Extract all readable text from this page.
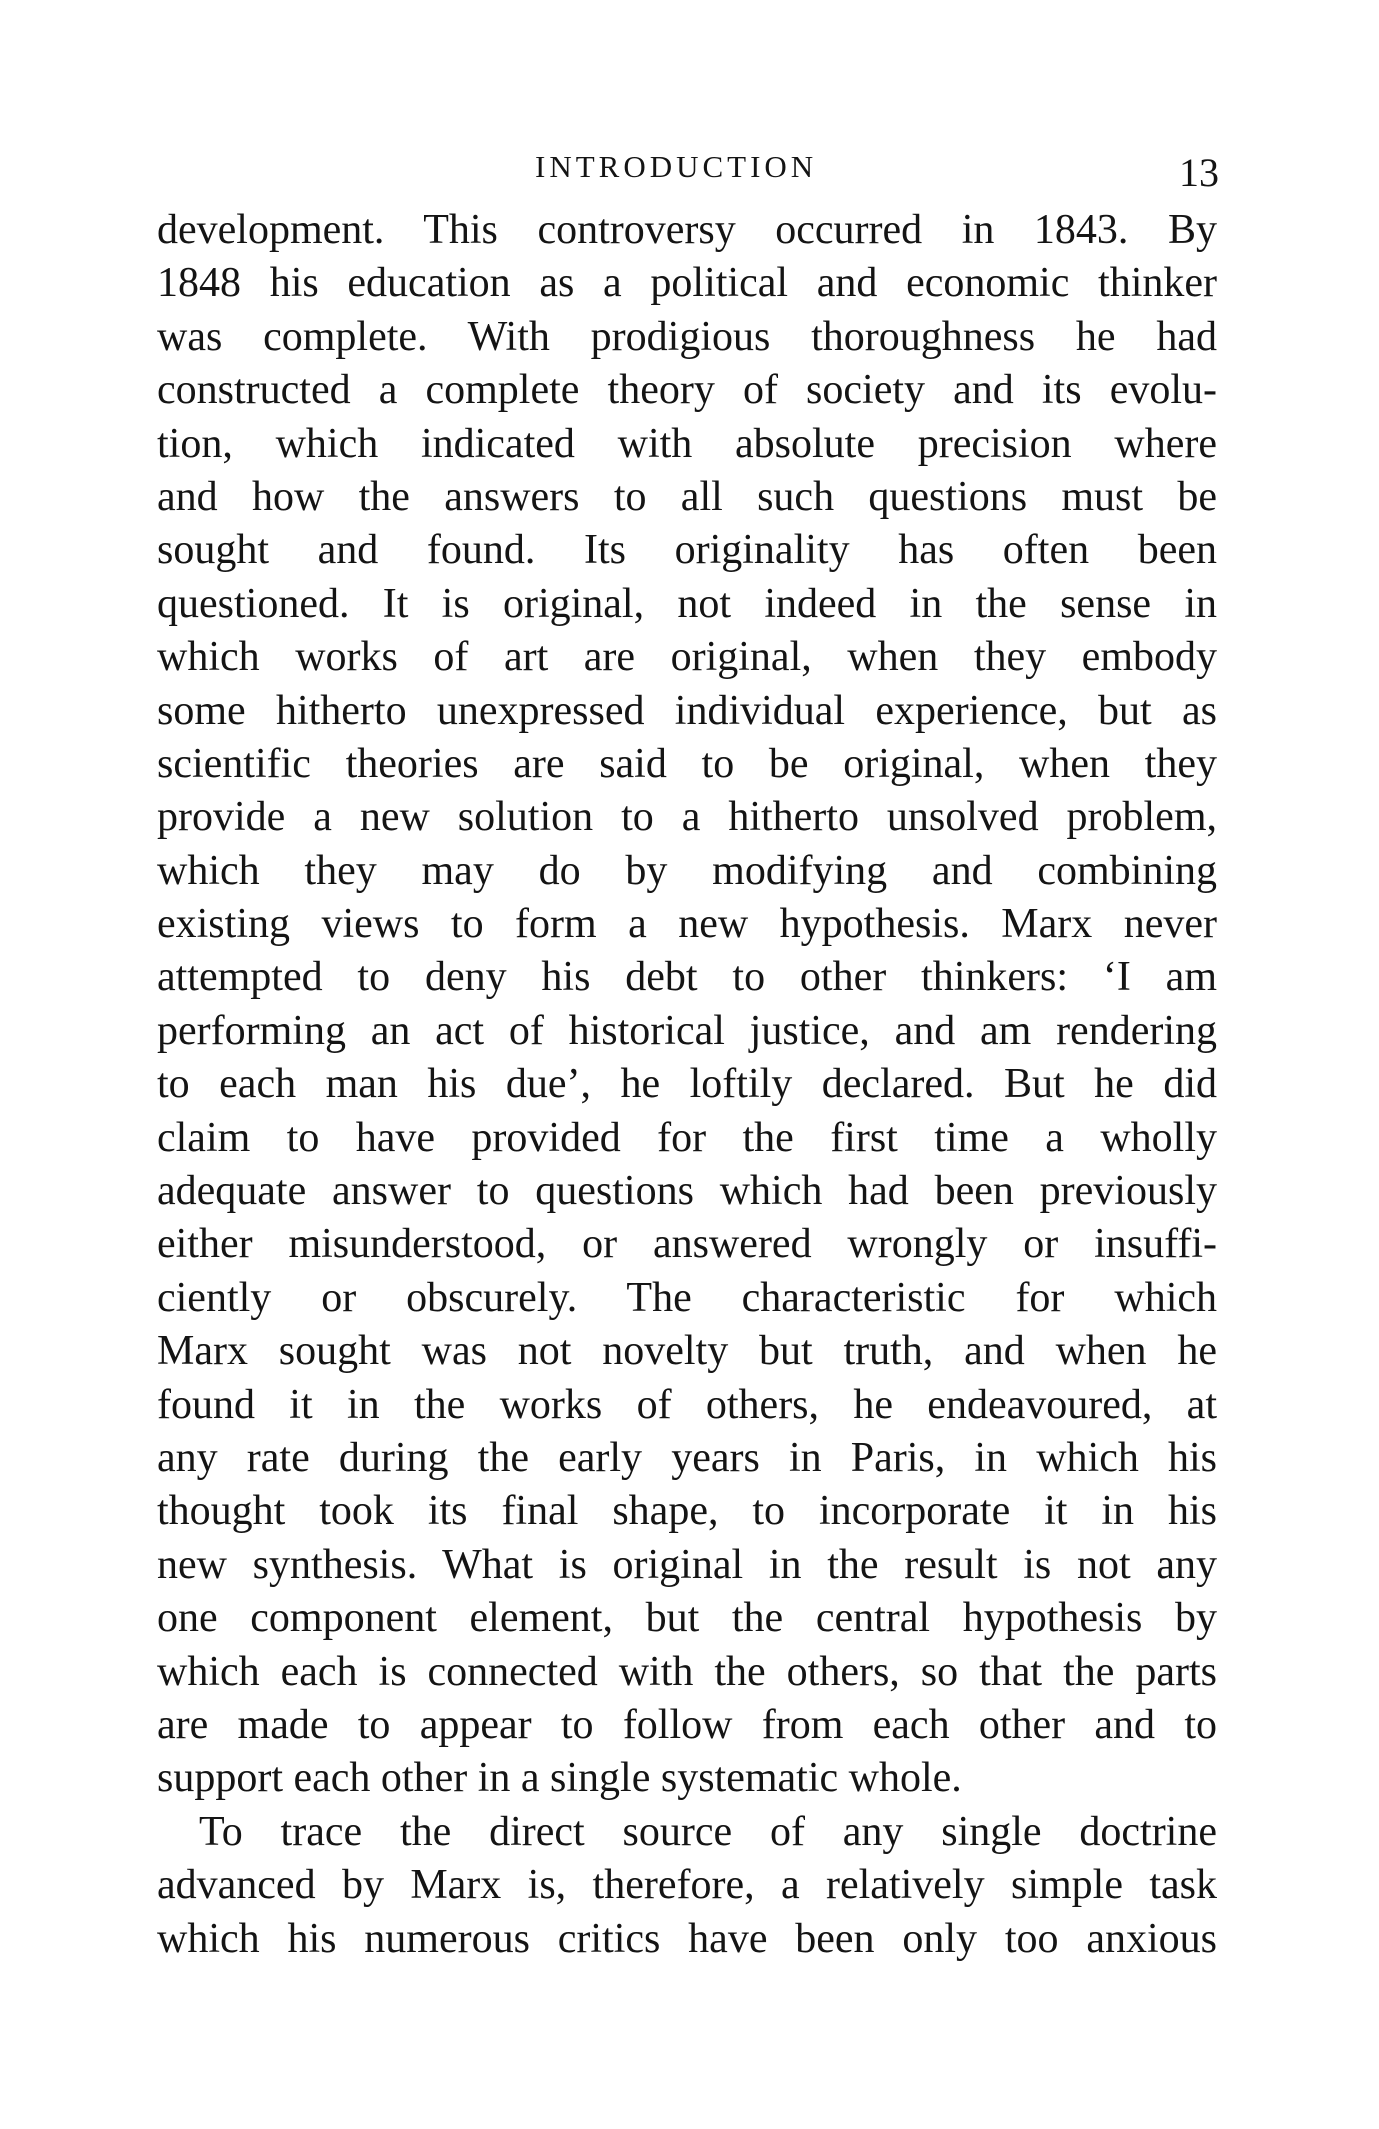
INTRODUCTION	13
development. This controversy occurred in 1843. By
1848 his education as a political and economic thinker
was complete. With prodigious thoroughness he had
constructed a complete theory of society and its evolu-
tion, which indicated with absolute precision where
and how the answers to all such questions must be
sought and found. Its originality has often been
questioned. It is original, not indeed in the sense in
which works of art are original, when they embody
some hitherto unexpressed individual experience, but as
scientific theories are said to be original, when they
provide a new solution to a hitherto unsolved problem,
which they may do by modifying and combining
existing views to form a new hypothesis. Marx never
attempted to deny his debt to other thinkers: ‘I am
performing an act of historical justice, and am rendering
to each man his due’, he loftily declared. But he did
claim to have provided for the first time a wholly
adequate answer to questions which had been previously
either misunderstood, or answered wrongly or insuffi-
ciently or obscurely. The characteristic for which
Marx sought was not novelty but truth, and when he
found it in the works of others, he endeavoured, at
any rate during the early years in Paris, in which his
thought took its final shape, to incorporate it in his
new synthesis. What is original in the result is not any
one component element, but the central hypothesis by
which each is connected with the others, so that the parts
are made to appear to follow from each other and to
support each other in a single systematic whole.
To trace the direct source of any single doctrine
advanced by Marx is, therefore, a relatively simple task
which his numerous critics have been only too anxious
